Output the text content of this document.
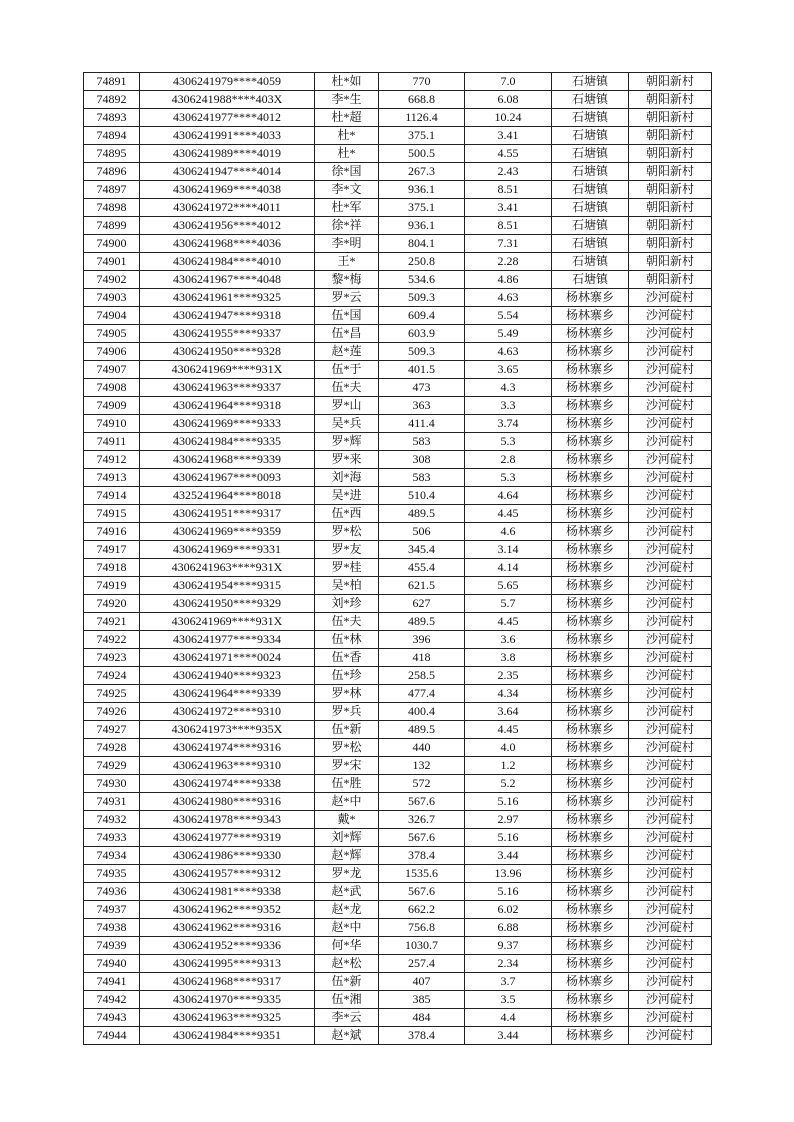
74891	4306241979****4059	杜*如	770	7.0	石塘镇	朝阳新村
74892	4306241988****403X	李*生	668.8	6.08	石塘镇	朝阳新村
74893	4306241977****4012	杜*超	1126.4	10.24	石塘镇	朝阳新村
74894	4306241991****4033	杜*	375.1	3.41	石塘镇	朝阳新村
74895	4306241989****4019	杜*	500.5	4.55	石塘镇	朝阳新村
74896	4306241947****4014	徐*国	267.3	2.43	石塘镇	朝阳新村
74897	4306241969****4038	李*文	936.1	8.51	石塘镇	朝阳新村
74898	4306241972****4011	杜*军	375.1	3.41	石塘镇	朝阳新村
74899	4306241956****4012	徐*祥	936.1	8.51	石塘镇	朝阳新村
74900	4306241968****4036	李*明	804.1	7.31	石塘镇	朝阳新村
74901	4306241984****4010	王*	250.8	2.28	石塘镇	朝阳新村
74902	4306241967****4048	黎*梅	534.6	4.86	石塘镇	朝阳新村
74903	4306241961****9325	罗*云	509.3	4.63	杨林寨乡	沙河碇村
74904	4306241947****9318	伍*国	609.4	5.54	杨林寨乡	沙河碇村
74905	4306241955****9337	伍*昌	603.9	5.49	杨林寨乡	沙河碇村
74906	4306241950****9328	赵*莲	509.3	4.63	杨林寨乡	沙河碇村
74907	4306241969****931X	伍*于	401.5	3.65	杨林寨乡	沙河碇村
74908	4306241963****9337	伍*夫	473	4.3	杨林寨乡	沙河碇村
74909	4306241964****9318	罗*山	363	3.3	杨林寨乡	沙河碇村
74910	4306241969****9333	吴*兵	411.4	3.74	杨林寨乡	沙河碇村
74911	4306241984****9335	罗*辉	583	5.3	杨林寨乡	沙河碇村
74912	4306241968****9339	罗*来	308	2.8	杨林寨乡	沙河碇村
74913	4306241967****0093	刘*海	583	5.3	杨林寨乡	沙河碇村
74914	4325241964****8018	吴*进	510.4	4.64	杨林寨乡	沙河碇村
74915	4306241951****9317	伍*西	489.5	4.45	杨林寨乡	沙河碇村
74916	4306241969****9359	罗*松	506	4.6	杨林寨乡	沙河碇村
74917	4306241969****9331	罗*友	345.4	3.14	杨林寨乡	沙河碇村
74918	4306241963****931X	罗*桂	455.4	4.14	杨林寨乡	沙河碇村
74919	4306241954****9315	吴*柏	621.5	5.65	杨林寨乡	沙河碇村
74920	4306241950****9329	刘*珍	627	5.7	杨林寨乡	沙河碇村
74921	4306241969****931X	伍*夫	489.5	4.45	杨林寨乡	沙河碇村
74922	4306241977****9334	伍*林	396	3.6	杨林寨乡	沙河碇村
74923	4306241971****0024	伍*香	418	3.8	杨林寨乡	沙河碇村
74924	4306241940****9323	伍*珍	258.5	2.35	杨林寨乡	沙河碇村
74925	4306241964****9339	罗*林	477.4	4.34	杨林寨乡	沙河碇村
74926	4306241972****9310	罗*兵	400.4	3.64	杨林寨乡	沙河碇村
74927	4306241973****935X	伍*新	489.5	4.45	杨林寨乡	沙河碇村
74928	4306241974****9316	罗*松	440	4.0	杨林寨乡	沙河碇村
74929	4306241963****9310	罗*宋	132	1.2	杨林寨乡	沙河碇村
74930	4306241974****9338	伍*胜	572	5.2	杨林寨乡	沙河碇村
74931	4306241980****9316	赵*中	567.6	5.16	杨林寨乡	沙河碇村
74932	4306241978****9343	戴*	326.7	2.97	杨林寨乡	沙河碇村
74933	4306241977****9319	刘*辉	567.6	5.16	杨林寨乡	沙河碇村
74934	4306241986****9330	赵*辉	378.4	3.44	杨林寨乡	沙河碇村
74935	4306241957****9312	罗*龙	1535.6	13.96	杨林寨乡	沙河碇村
74936	4306241981****9338	赵*武	567.6	5.16	杨林寨乡	沙河碇村
74937	4306241962****9352	赵*龙	662.2	6.02	杨林寨乡	沙河碇村
74938	4306241962****9316	赵*中	756.8	6.88	杨林寨乡	沙河碇村
74939	4306241952****9336	何*华	1030.7	9.37	杨林寨乡	沙河碇村
74940	4306241995****9313	赵*松	257.4	2.34	杨林寨乡	沙河碇村
74941	4306241968****9317	伍*新	407	3.7	杨林寨乡	沙河碇村
74942	4306241970****9335	伍*湘	385	3.5	杨林寨乡	沙河碇村
74943	4306241963****9325	李*云	484	4.4	杨林寨乡	沙河碇村
74944	4306241984****9351	赵*斌	378.4	3.44	杨林寨乡	沙河碇村
